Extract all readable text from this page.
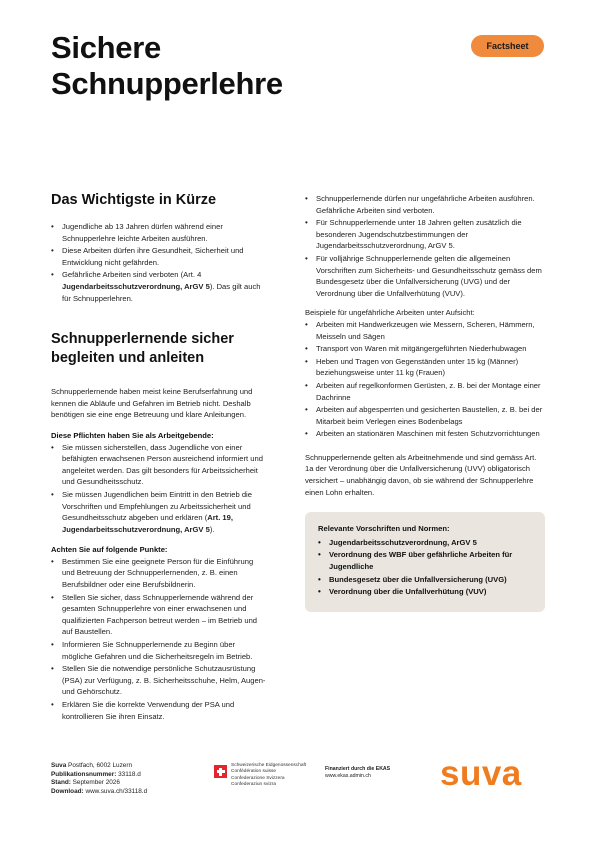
Sichere
Schnupperlehre
Factsheet
Das Wichtigste in Kürze
• Jugendliche ab 13 Jahren dürfen während einer Schnupperlehre leichte Arbeiten ausführen.
• Diese Arbeiten dürfen ihre Gesundheit, Sicherheit und Entwicklung nicht gefährden.
• Gefährliche Arbeiten sind verboten (Art. 4 Jugendarbeitsschutzverordnung, ArGV 5). Das gilt auch für Schnupperlehren.
Schnupperlernende sicher
begleiten und anleiten

Schnupperlernende haben meist keine Berufserfahrung und kennen die Abläufe und Gefahren im Betrieb nicht. Deshalb benötigen sie eine enge Betreuung und klare Anleitungen.

Diese Pflichten haben Sie als Arbeitgebende:

• Sie müssen sicherstellen, dass Jugendliche von einer befähigten erwachsenen Person ausreichend informiert und angeleitet werden. Das gilt besonders für Arbeitssicherheit und Gesundheitsschutz.
• Sie müssen Jugendlichen beim Eintritt in den Betrieb die Vorschriften und Empfehlungen zu Arbeitssicherheit und Gesundheitsschutz abgeben und erklären (Art. 19, Jugendarbeitsschutzverordnung, ArGV 5).

Achten Sie auf folgende Punkte:

• Bestimmen Sie eine geeignete Person für die Einführung und Betreuung der Schnupperlernenden, z. B. einen Berufsbildner oder eine Berufsbildnerin.
• Stellen Sie sicher, dass Schnupperlernende während der gesamten Schnupperlehre von einer erwachsenen und qualifizierten Fachperson betreut werden – im Betrieb und auf Baustellen.
• Informieren Sie Schnupperlernende zu Beginn über mögliche Gefahren und die Sicherheitsregeln im Betrieb.
• Stellen Sie die notwendige persönliche Schutzausrüstung (PSA) zur Verfügung, z. B. Sicherheitsschuhe, Helm, Augen- und Gehörschutz.
• Erklären Sie die korrekte Verwendung der PSA und kontrollieren Sie ihren Einsatz.
• Schnupperlernende dürfen nur ungefährliche Arbeiten ausführen. Gefährliche Arbeiten sind verboten.
• Für Schnupperlernende unter 18 Jahren gelten zusätzlich die besonderen Jugendschutzbestimmungen der Jugendarbeitsschutzverordnung, ArGV 5.
• Für volljährige Schnupperlernende gelten die allgemeinen Vorschriften zum Sicherheits- und Gesundheitsschutz gemäss dem Bundesgesetz über die Unfallversicherung (UVG) und der Verordnung über die Unfallverhütung (VUV).

Beispiele für ungefährliche Arbeiten unter Aufsicht:

• Arbeiten mit Handwerkzeugen wie Messern, Scheren, Hämmern, Meisseln und Sägen
• Transport von Waren mit mitgängergeführten Niederhubwagen
• Heben und Tragen von Gegenständen unter 15 kg (Männer) beziehungsweise unter 11 kg (Frauen)
• Arbeiten auf regelkonformen Gerüsten, z. B. bei der Montage einer Dachrinne
• Arbeiten auf abgesperrten und gesicherten Baustellen, z. B. bei der Mitarbeit beim Verlegen eines Bodenbelags
• Arbeiten an stationären Maschinen mit festen Schutzvorrichtungen

Schnupperlernende gelten als Arbeitnehmende und sind gemäss Art. 1a der Verordnung über die Unfallversicherung (UVV) obligatorisch versichert – unabhängig davon, ob sie während der Schnupperlehre einen Lohn erhalten.

Relevante Vorschriften und Normen:

• Jugendarbeitsschutzverordnung, ArGV 5
• Verordnung des WBF über gefährliche Arbeiten für Jugendliche
• Bundesgesetz über die Unfallversicherung (UVG)
• Verordnung über die Unfallverhütung (VUV)
Suva Postfach, 6002 Luzern
Publikationsnummer: 33118.d
Stand: September 2026
Download: www.suva.ch/33118.d
Schweizerische Eidgenossenschaft
Confédération suisse
Confederazione Svizzera
Confederaziun svizra
Finanziert durch die EKAS
www.ekas.admin.ch	suva
